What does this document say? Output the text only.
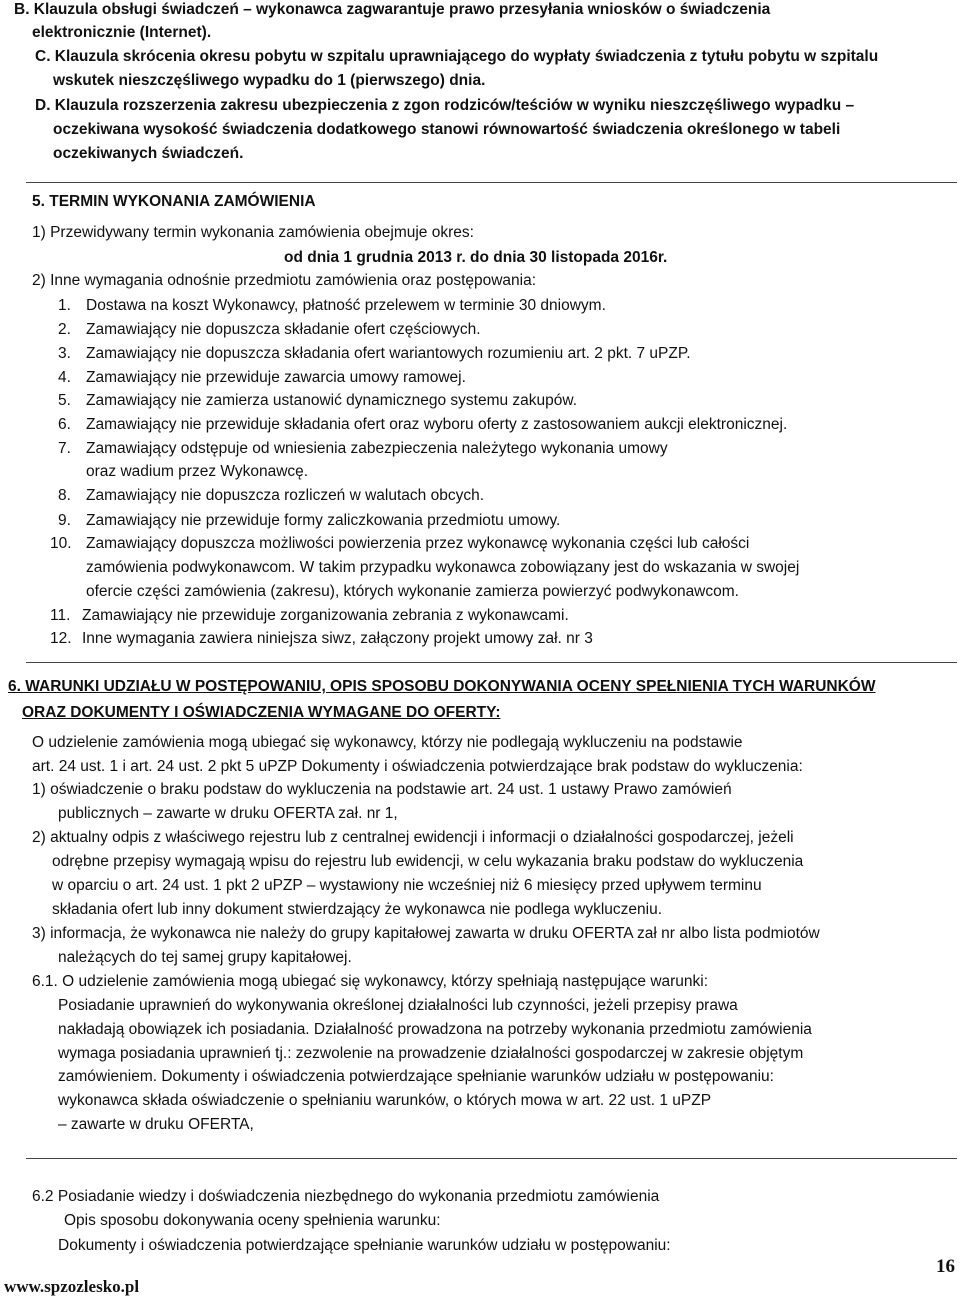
B. Klauzula obsługi świadczeń – wykonawca zagwarantuje prawo przesyłania wniosków o świadczenia
elektronicznie (Internet).
C. Klauzula skrócenia okresu pobytu w szpitalu uprawniającego do wypłaty świadczenia z tytułu pobytu w szpitalu
wskutek nieszczęśliwego wypadku do 1 (pierwszego) dnia.
D. Klauzula rozszerzenia zakresu ubezpieczenia z zgon rodziców/teściów w wyniku nieszczęśliwego wypadku –
oczekiwana wysokość świadczenia dodatkowego stanowi równowartość świadczenia określonego w tabeli
oczekiwanych świadczeń.
5. TERMIN WYKONANIA ZAMÓWIENIA
1) Przewidywany termin wykonania zamówienia obejmuje okres:
od dnia 1 grudnia 2013 r. do dnia 30 listopada 2016r.
2) Inne wymagania odnośnie przedmiotu zamówienia oraz postępowania:
1. Dostawa na koszt Wykonawcy, płatność przelewem w terminie 30 dniowym.
2. Zamawiający nie dopuszcza składanie ofert częściowych.
3. Zamawiający nie dopuszcza składania ofert wariantowych rozumieniu art. 2 pkt. 7 uPZP.
4. Zamawiający nie przewiduje zawarcia umowy ramowej.
5. Zamawiający nie zamierza ustanowić dynamicznego systemu zakupów.
6. Zamawiający nie przewiduje składania ofert oraz wyboru oferty z zastosowaniem aukcji elektronicznej.
7. Zamawiający odstępuje od wniesienia zabezpieczenia należytego wykonania umowy
oraz wadium przez Wykonawcę.
8. Zamawiający nie dopuszcza rozliczeń w walutach obcych.
9. Zamawiający nie przewiduje formy zaliczkowania przedmiotu umowy.
10. Zamawiający dopuszcza możliwości powierzenia przez wykonawcę wykonania części lub całości
zamówienia podwykonawcom. W takim przypadku wykonawca zobowiązany jest do wskazania w swojej
ofercie części zamówienia (zakresu), których wykonanie zamierza powierzyć podwykonawcom.
11. Zamawiający nie przewiduje zorganizowania zebrania z wykonawcami.
12. Inne wymagania zawiera niniejsza siwz, załączony projekt umowy zał. nr 3
6. WARUNKI UDZIAŁU W POSTĘPOWANIU, OPIS SPOSOBU DOKONYWANIA OCENY SPEŁNIENIA TYCH WARUNKÓW
ORAZ DOKUMENTY I OŚWIADCZENIA WYMAGANE DO OFERTY:
O udzielenie zamówienia mogą ubiegać się wykonawcy, którzy nie podlegają wykluczeniu na podstawie
art. 24 ust. 1 i art. 24 ust. 2 pkt 5 uPZP Dokumenty i oświadczenia potwierdzające brak podstaw do wykluczenia:
1) oświadczenie o braku podstaw do wykluczenia na podstawie art. 24 ust. 1 ustawy Prawo zamówień
publicznych – zawarte w druku OFERTA zał. nr 1,
2) aktualny odpis z właściwego rejestru lub z centralnej ewidencji i informacji o działalności gospodarczej, jeżeli
odrębne przepisy wymagają wpisu do rejestru lub ewidencji, w celu wykazania braku podstaw do wykluczenia
w oparciu o art. 24 ust. 1 pkt 2 uPZP – wystawiony nie wcześniej niż 6 miesięcy przed upływem terminu
składania ofert lub inny dokument stwierdzający że wykonawca nie podlega wykluczeniu.
3) informacja, że wykonawca nie należy do grupy kapitałowej zawarta w druku OFERTA zał nr albo lista podmiotów
należących do tej samej grupy kapitałowej.
6.1. O udzielenie zamówienia mogą ubiegać się wykonawcy, którzy spełniają następujące warunki:
Posiadanie uprawnień do wykonywania określonej działalności lub czynności, jeżeli przepisy prawa
nakładają obowiązek ich posiadania. Działalność prowadzona na potrzeby wykonania przedmiotu zamówienia
wymaga posiadania uprawnień tj.: zezwolenie na prowadzenie działalności gospodarczej w zakresie objętym
zamówieniem. Dokumenty i oświadczenia potwierdzające spełnianie warunków udziału w postępowaniu:
wykonawca składa oświadczenie o spełnianiu warunków, o których mowa w art. 22 ust. 1 uPZP
– zawarte w druku OFERTA,
6.2 Posiadanie wiedzy i doświadczenia niezbędnego do wykonania przedmiotu zamówienia
Opis sposobu dokonywania oceny spełnienia warunku:
Dokumenty i oświadczenia potwierdzające spełnianie warunków udziału w postępowaniu:
www.spzozlesko.pl
16
